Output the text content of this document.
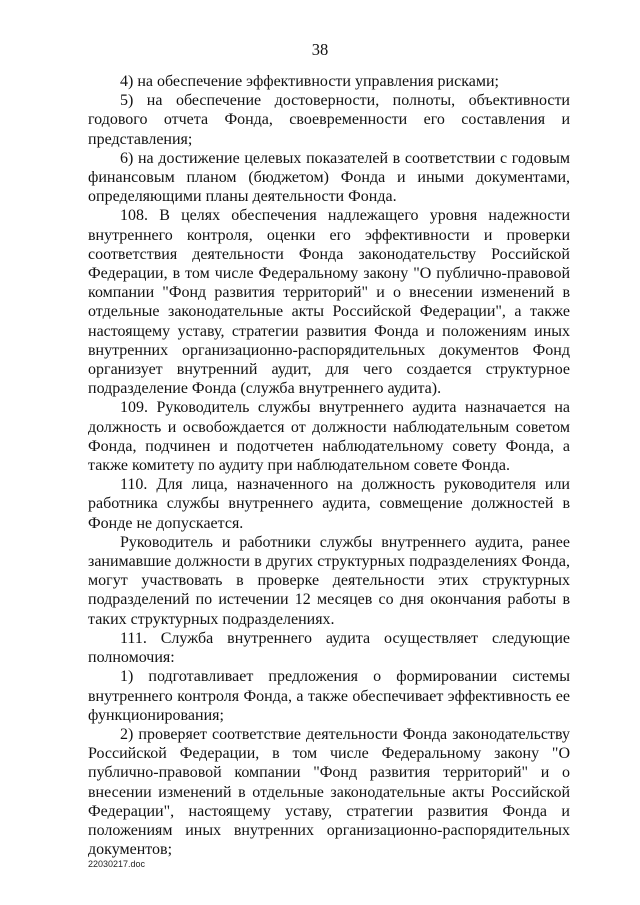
38

4) на обеспечение эффективности управления рисками;

5) на обеспечение достоверности, полноты, объективности годового отчета Фонда, своевременности его составления и представления;

6) на достижение целевых показателей в соответствии с годовым финансовым планом (бюджетом) Фонда и иными документами, определяющими планы деятельности Фонда.

108. В целях обеспечения надлежащего уровня надежности внутреннего контроля, оценки его эффективности и проверки соответствия деятельности Фонда законодательству Российской Федерации, в том числе Федеральному закону "О публично-правовой компании "Фонд развития территорий" и о внесении изменений в отдельные законодательные акты Российской Федерации", а также настоящему уставу, стратегии развития Фонда и положениям иных внутренних организационно-распорядительных документов Фонд организует внутренний аудит, для чего создается структурное подразделение Фонда (служба внутреннего аудита).

109. Руководитель службы внутреннего аудита назначается на должность и освобождается от должности наблюдательным советом Фонда, подчинен и подотчетен наблюдательному совету Фонда, а также комитету по аудиту при наблюдательном совете Фонда.

110. Для лица, назначенного на должность руководителя или работника службы внутреннего аудита, совмещение должностей в Фонде не допускается.

Руководитель и работники службы внутреннего аудита, ранее занимавшие должности в других структурных подразделениях Фонда, могут участвовать в проверке деятельности этих структурных подразделений по истечении 12 месяцев со дня окончания работы в таких структурных подразделениях.

111. Служба внутреннего аудита осуществляет следующие полномочия:

1) подготавливает предложения о формировании системы внутреннего контроля Фонда, а также обеспечивает эффективность ее функционирования;

2) проверяет соответствие деятельности Фонда законодательству Российской Федерации, в том числе Федеральному закону "О публично-правовой компании "Фонд развития территорий" и о внесении изменений в отдельные законодательные акты Российской Федерации", настоящему уставу, стратегии развития Фонда и положениям иных внутренних организационно-распорядительных документов;

22030217.doc
